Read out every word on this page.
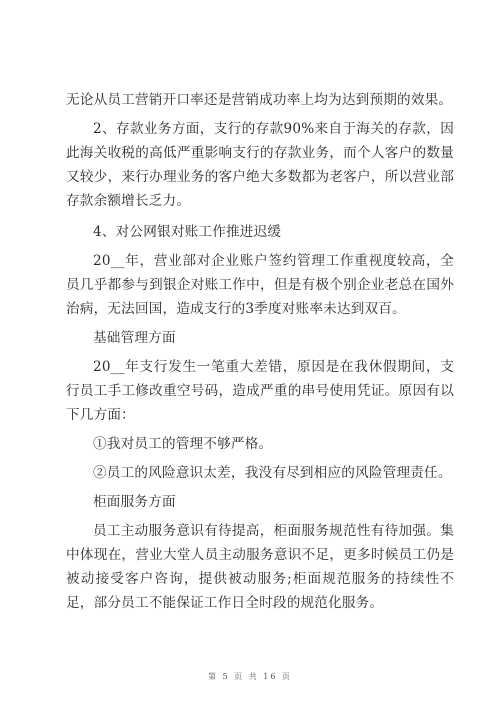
无论从员工营销开口率还是营销成功率上均为达到预期的效果。

2、存款业务方面，支行的存款90%来自于海关的存款，因此海关收税的高低严重影响支行的存款业务，而个人客户的数量又较少，来行办理业务的客户绝大多数都为老客户，所以营业部存款余额增长乏力。

4、对公网银对账工作推进迟缓

20__年，营业部对企业账户签约管理工作重视度较高，全员几乎都参与到银企对账工作中，但是有极个别企业老总在国外治病，无法回国，造成支行的3季度对账率未达到双百。

基础管理方面

20__年支行发生一笔重大差错，原因是在我休假期间，支行员工手工修改重空号码，造成严重的串号使用凭证。原因有以下几方面：

①我对员工的管理不够严格。

②员工的风险意识太差，我没有尽到相应的风险管理责任。

柜面服务方面

员工主动服务意识有待提高，柜面服务规范性有待加强。集中体现在，营业大堂人员主动服务意识不足，更多时候员工仍是被动接受客户咨询，提供被动服务;柜面规范服务的持续性不足，部分员工不能保证工作日全时段的规范化服务。

第 5 页 共 16 页
